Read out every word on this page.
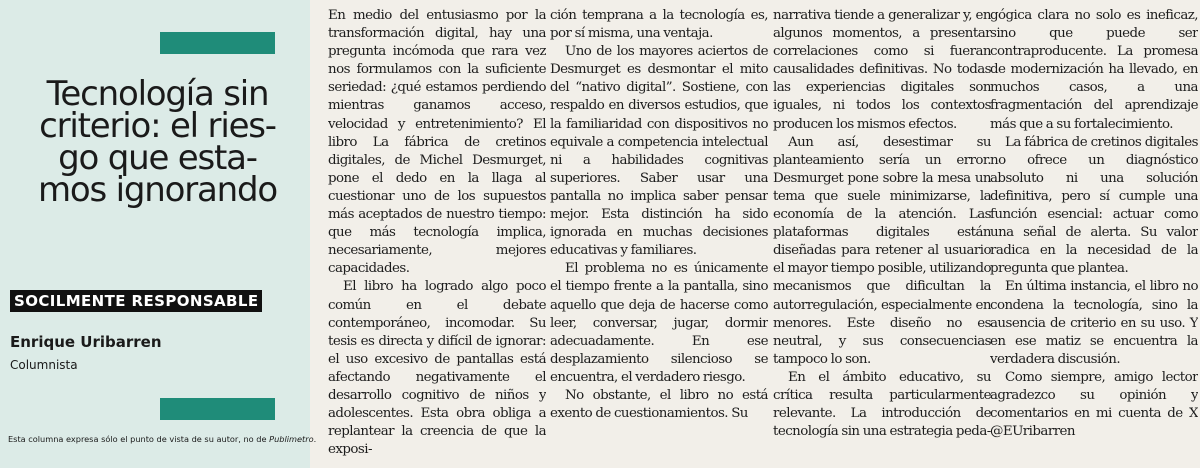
Tecnología sin
criterio: el ries-
go que esta-
mos ignorando
SOCILMENTE RESPONSABLE
Enrique Uribarren
Columnista
Esta columna expresa sólo el punto de vista de su autor, no de Publimetro.

En medio del entusiasmo por la transformación digital, hay una pregunta incómoda que rara vez nos formulamos con la suficiente seriedad: ¿qué estamos perdiendo mientras ganamos acceso, velocidad y entretenimiento? El libro La fábrica de cretinos digitales, de Michel Desmurget, pone el dedo en la llaga al cuestionar uno de los supuestos más aceptados de nuestro tiempo: que más tecnología implica, necesariamente, mejores capacidades.

El libro ha logrado algo poco común en el debate contemporáneo, incomodar. Su tesis es directa y difícil de ignorar: el uso excesivo de pantallas está afectando negativamente el desarrollo cognitivo de niños y adolescentes. Esta obra obliga a replantear la creencia de que la exposi-

ción temprana a la tecnología es, por sí misma, una ventaja.

Uno de los mayores aciertos de Desmurget es desmontar el mito del “nativo digital”. Sostiene, con respaldo en diversos estudios, que la familiaridad con dispositivos no equivale a competencia intelectual ni a habilidades cognitivas superiores. Saber usar una pantalla no implica saber pensar mejor. Esta distinción ha sido ignorada en muchas decisiones educativas y familiares.

El problema no es únicamente el tiempo frente a la pantalla, sino aquello que deja de hacerse como leer, conversar, jugar, dormir adecuadamente. En ese desplazamiento silencioso se encuentra, el verdadero riesgo.

No obstante, el libro no está exento de cuestionamientos. Su

narrativa tiende a generalizar y, en algunos momentos, a presentar correlaciones como si fueran causalidades definitivas. No todas las experiencias digitales son iguales, ni todos los contextos producen los mismos efectos.

Aun así, desestimar su planteamiento sería un error. Desmurget pone sobre la mesa un tema que suele minimizarse, la economía de la atención. Las plataformas digitales están diseñadas para retener al usuario el mayor tiempo posible, utilizando mecanismos que dificultan la autorregulación, especialmente en menores. Este diseño no es neutral, y sus consecuencias tampoco lo son.

En el ámbito educativo, su crítica resulta particularmente relevante. La introducción de tecnología sin una estrategia peda-

gógica clara no solo es ineficaz, sino que puede ser contraproducente. La promesa de modernización ha llevado, en muchos casos, a una fragmentación del aprendizaje más que a su fortalecimiento.

La fábrica de cretinos digitales no ofrece un diagnóstico absoluto ni una solución definitiva, pero sí cumple una función esencial: actuar como una señal de alerta. Su valor radica en la necesidad de la pregunta que plantea.

En última instancia, el libro no condena la tecnología, sino la ausencia de criterio en su uso. Y en ese matiz se encuentra la verdadera discusión.

Como siempre, amigo lector agradezco su opinión y comentarios en mi cuenta de X @EUribarren
